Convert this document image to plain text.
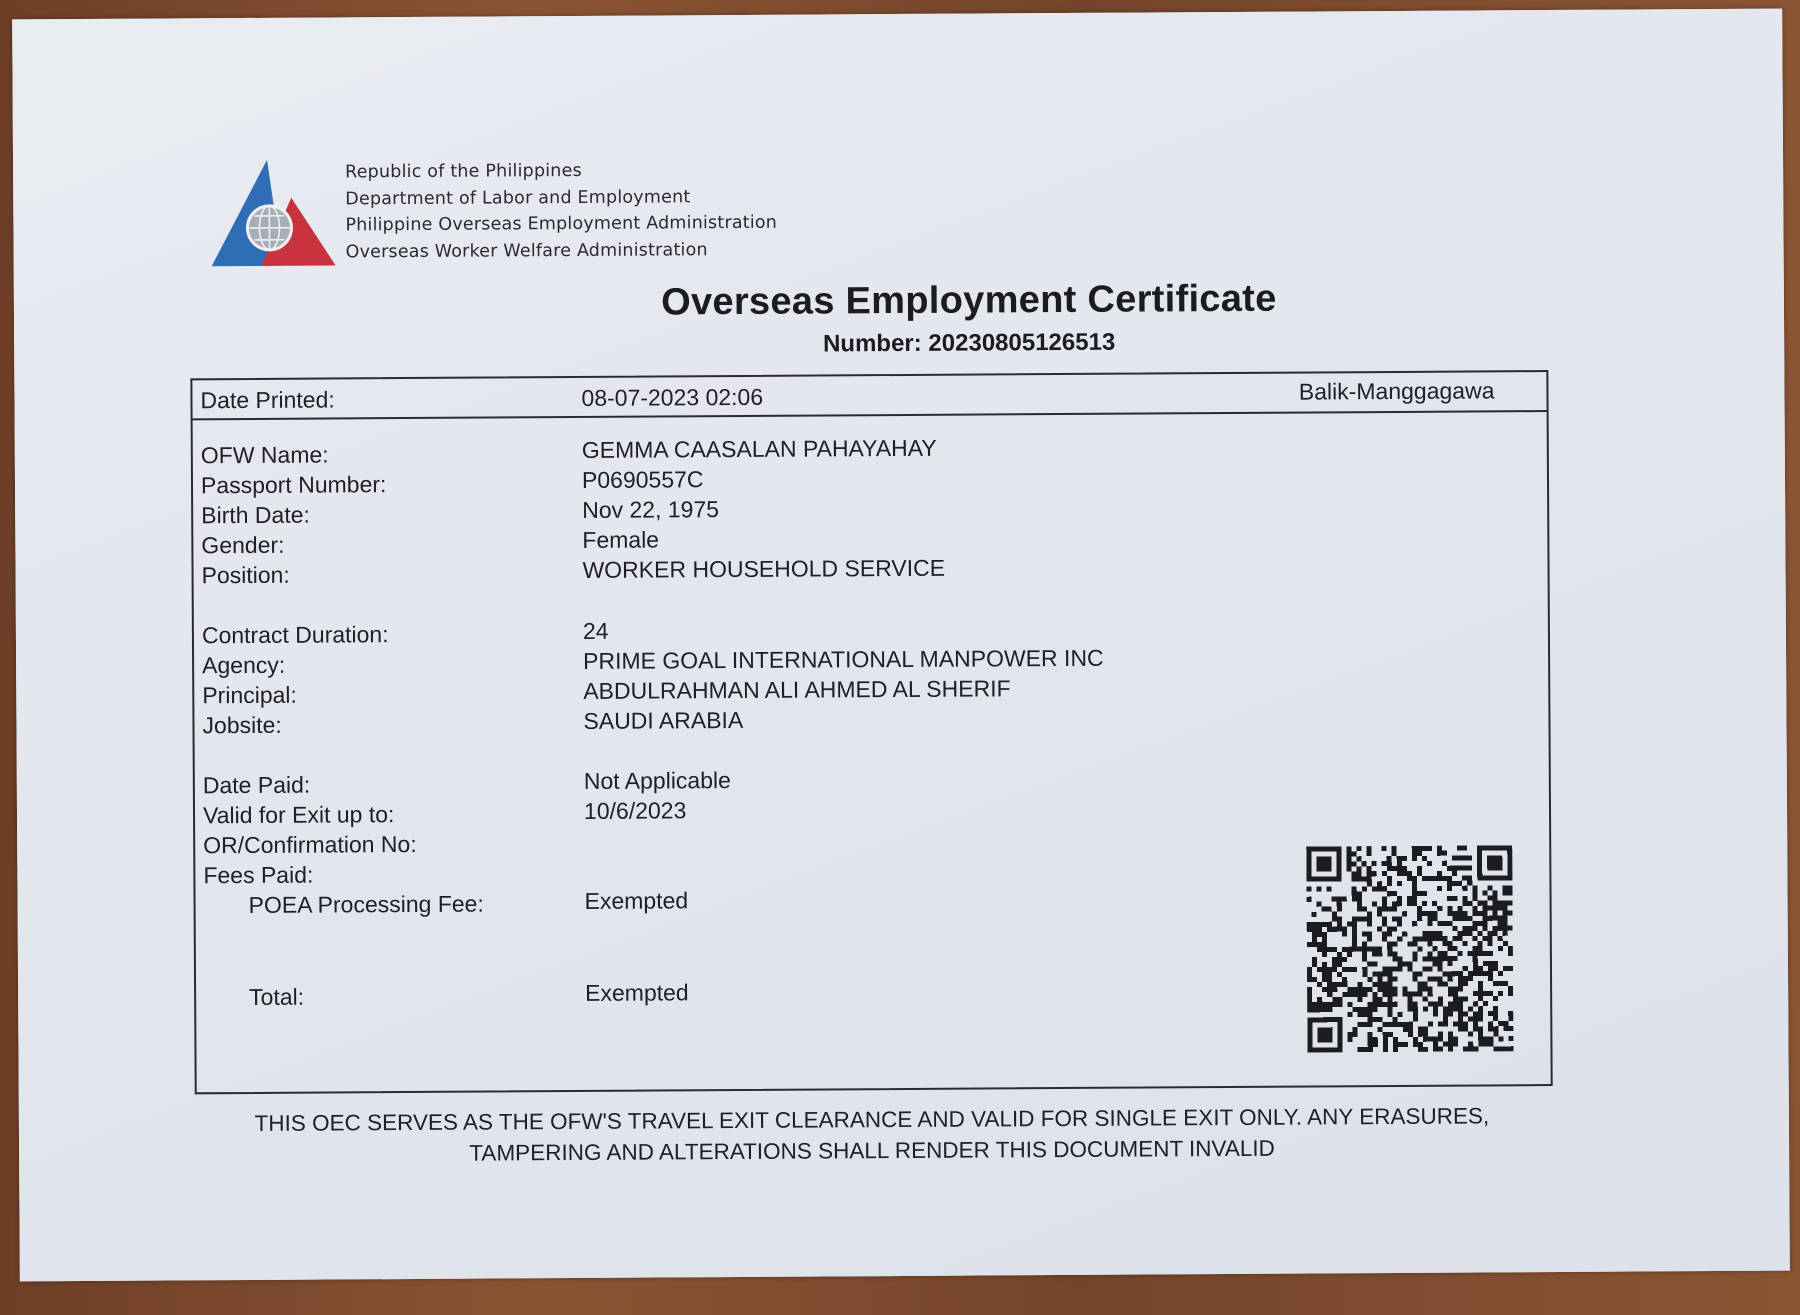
Republic of the Philippines
Department of Labor and Employment
Philippine Overseas Employment Administration
Overseas Worker Welfare Administration
Overseas Employment Certificate
Number: 20230805126513
Date Printed:	08-07-2023 02:06	Balik-Manggagawa
OFW Name:	GEMMA CAASALAN PAHAYAHAY
Passport Number:	P0690557C
Birth Date:	Nov 22, 1975
Gender:	Female
Position:	WORKER HOUSEHOLD SERVICE
Contract Duration:	24
Agency:	PRIME GOAL INTERNATIONAL MANPOWER INC
Principal:	ABDULRAHMAN ALI AHMED AL SHERIF
Jobsite:	SAUDI ARABIA
Date Paid:	Not Applicable
Valid for Exit up to:	10/6/2023
OR/Confirmation No:
Fees Paid:
POEA Processing Fee:	Exempted
Total:	Exempted
THIS OEC SERVES AS THE OFW'S TRAVEL EXIT CLEARANCE AND VALID FOR SINGLE EXIT ONLY. ANY ERASURES,
TAMPERING AND ALTERATIONS SHALL RENDER THIS DOCUMENT INVALID
